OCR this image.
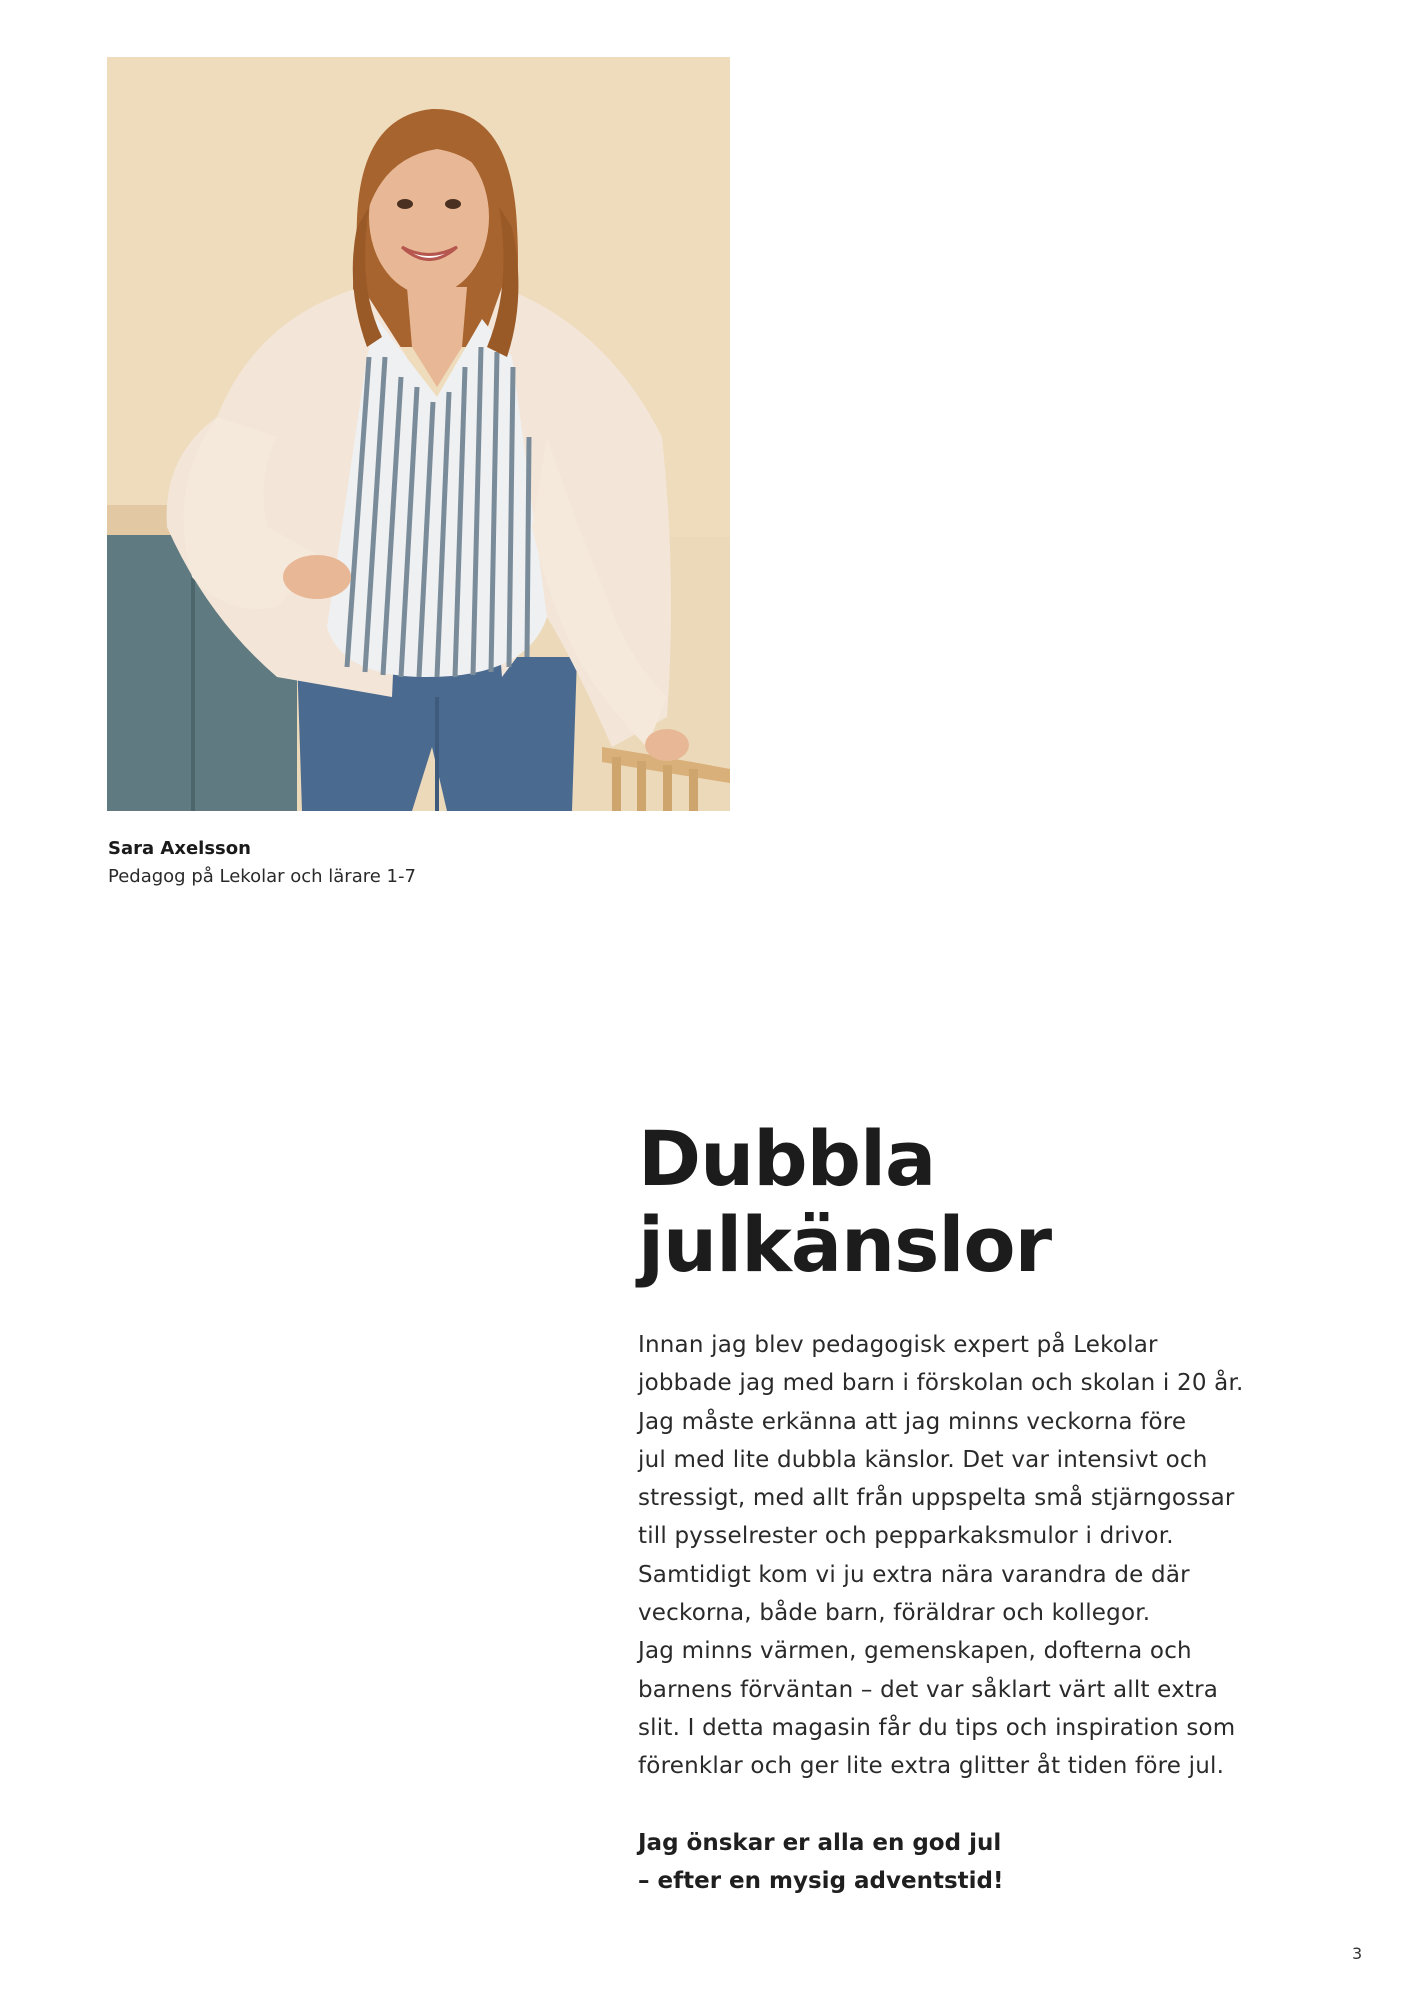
Sara Axelsson
Pedagog på Lekolar och lärare 1-7
Dubbla
julkänslor
Innan jag blev pedagogisk expert på Lekolar
jobbade jag med barn i förskolan och skolan i 20 år.
Jag måste erkänna att jag minns veckorna före
jul med lite dubbla känslor. Det var intensivt och
stressigt, med allt från uppspelta små stjärngossar
till pysselrester och pepparkaksmulor i drivor.
Samtidigt kom vi ju extra nära varandra de där
veckorna, både barn, föräldrar och kollegor.
Jag minns värmen, gemenskapen, dofterna och
barnens förväntan – det var såklart värt allt extra
slit. I detta magasin får du tips och inspiration som
förenklar och ger lite extra glitter åt tiden före jul.
Jag önskar er alla en god jul
– efter en mysig adventstid!
3
